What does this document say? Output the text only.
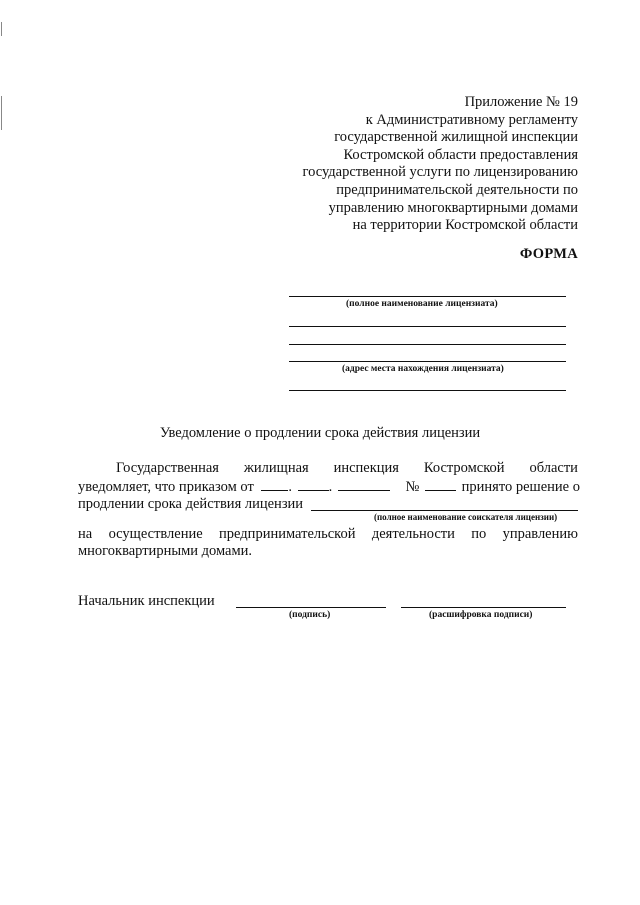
Приложение № 19
к Административному регламенту
государственной жилищной инспекции
Костромской области предоставления
государственной услуги по лицензированию
предпринимательской деятельности по
управлению многоквартирными домами
на территории Костромской области
ФОРМА
(полное наименование лицензиата)
(адрес места нахождения лицензиата)
Уведомление о продлении срока действия лицензии
Государственная жилищная инспекция Костромской области
уведомляет, что приказом от .	.	№	принято решение о
продлении срока действия лицензии
(полное наименование соискателя лицензии)
на осуществление предпринимательской деятельности по управлению
многоквартирными домами.
Начальник инспекции
(подпись)	(расшифровка подписи)
